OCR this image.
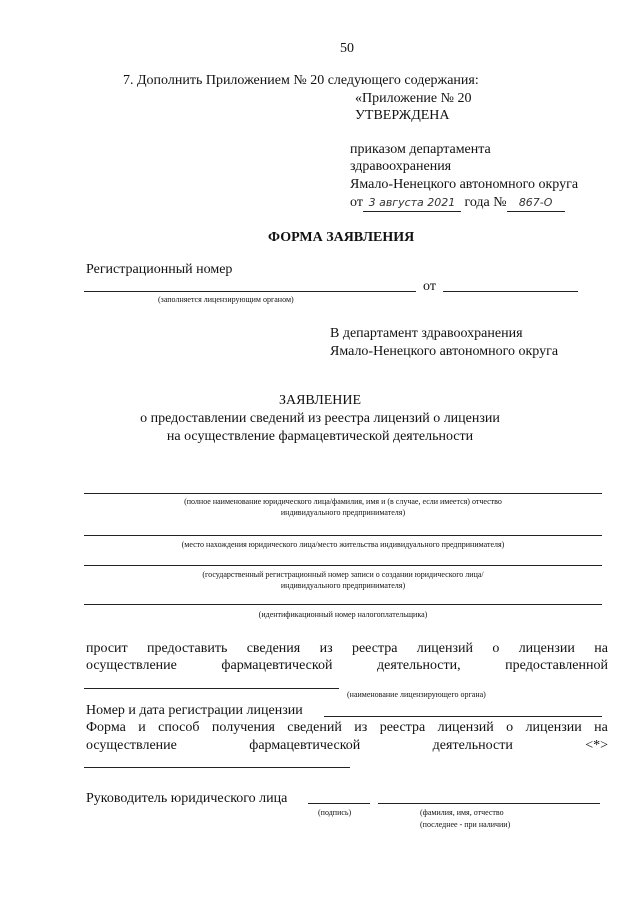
50
7. Дополнить Приложением № 20 следующего содержания:
«Приложение № 20
УТВЕРЖДЕНА
приказом департамента
здравоохранения
Ямало-Ненецкого автономного округа
от 3 августа 2021 года № 867-О
ФОРМА ЗАЯВЛЕНИЯ
Регистрационный номер
от
(заполняется лицензирующим органом)
В департамент здравоохранения
Ямало-Ненецкого автономного округа
ЗАЯВЛЕНИЕ
о предоставлении сведений из реестра лицензий о лицензии
на осуществление фармацевтической деятельности
(полное наименование юридического лица/фамилия, имя и (в случае, если имеется) отчество
индивидуального предпринимателя)
(место нахождения юридического лица/место жительства индивидуального предпринимателя)
(государственный регистрационный номер записи о создании юридического лица/
индивидуального предпринимателя)
(идентификационный номер налогоплательщика)
просит предоставить сведения из реестра лицензий о лицензии на
осуществление	фармацевтической	деятельности,	предоставленной
(наименование лицензирующего органа)
Номер и дата регистрации лицензии
Форма и способ получения сведений из реестра лицензий о лицензии на
осуществление	фармацевтической	деятельности	<*>
Руководитель юридического лица
(подпись)	(фамилия, имя, отчество
(последнее - при наличии)
